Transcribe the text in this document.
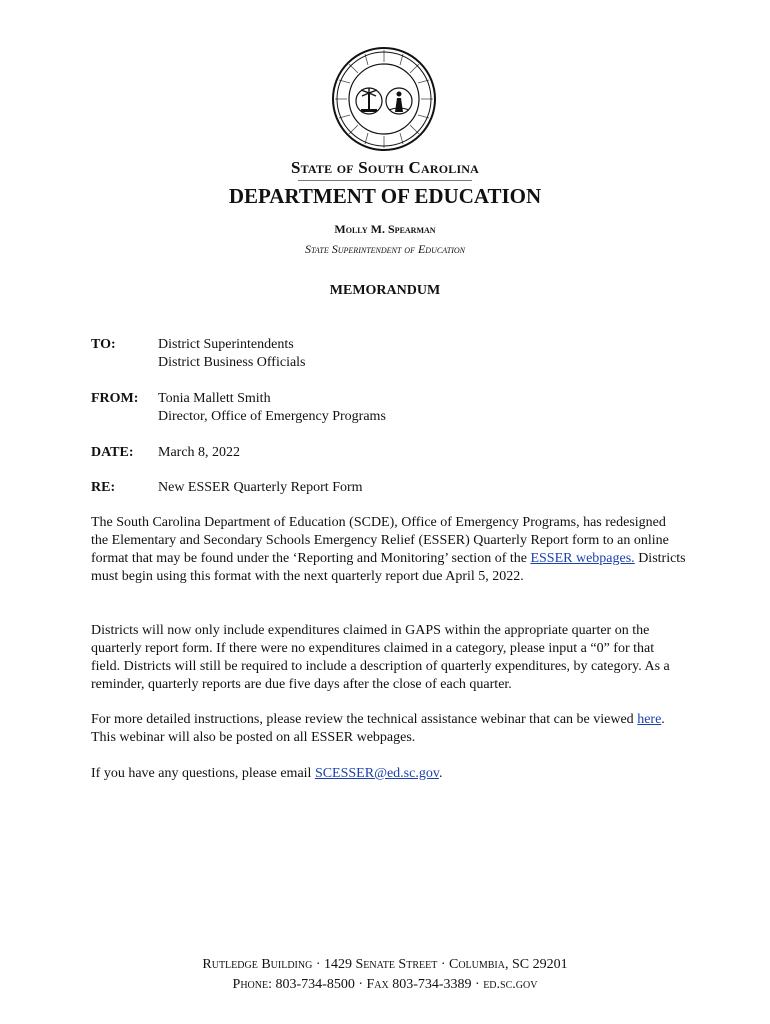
State of South Carolina
DEPARTMENT OF EDUCATION
Molly M. Spearman
State Superintendent of Education
MEMORANDUM
TO:	District Superintendents
District Business Officials
FROM: Tonia Mallett Smith
Director, Office of Emergency Programs
DATE: March 8, 2022
RE:	New ESSER Quarterly Report Form
The South Carolina Department of Education (SCDE), Office of Emergency Programs, has redesigned the Elementary and Secondary Schools Emergency Relief (ESSER) Quarterly Report form to an online format that may be found under the ‘Reporting and Monitoring’ section of the ESSER webpages. Districts must begin using this format with the next quarterly report due April 5, 2022.
Districts will now only include expenditures claimed in GAPS within the appropriate quarter on the quarterly report form. If there were no expenditures claimed in a category, please input a “0” for that field. Districts will still be required to include a description of quarterly expenditures, by category. As a reminder, quarterly reports are due five days after the close of each quarter.
For more detailed instructions, please review the technical assistance webinar that can be viewed here. This webinar will also be posted on all ESSER webpages.
If you have any questions, please email SCESSER@ed.sc.gov.
Rutledge Building · 1429 Senate Street · Columbia, SC 29201
Phone: 803-734-8500 · Fax 803-734-3389 · ed.sc.gov
